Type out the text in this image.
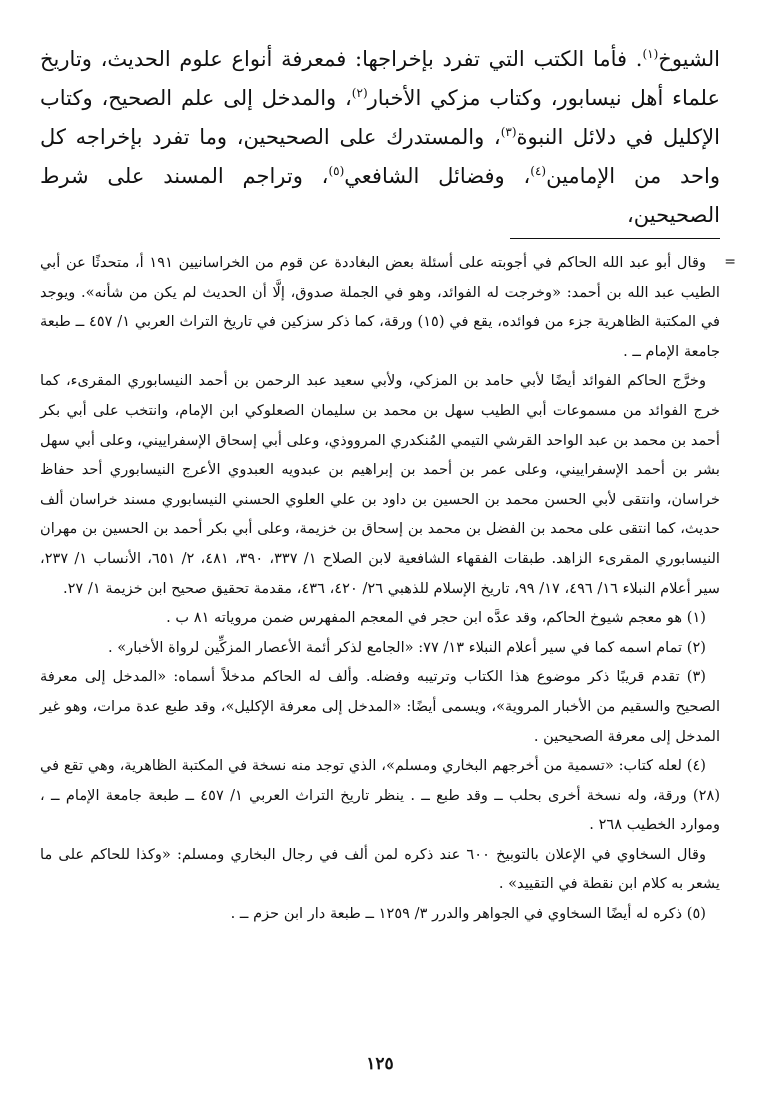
الشيوخ$^{(١)}$. فأما الكتب التي تفرد بإخراجها: فمعرفة أنواع علوم الحديث، وتاريخ علماء أهل نيسابور، وكتاب مزكي الأخبار$^{(٢)}$، والمدخل إلى علم الصحيح، وكتاب الإكليل في دلائل النبوة$^{(٣)}$، والمستدرك على الصحيحين، وما تفرد بإخراجه كل واحد من الإمامين$^{(٤)}$، وفضائل الشافعي$^{(٥)}$، وتراجم المسند على شرط الصحيحين،

=
وقال أبو عبد الله الحاكم في أجوبته على أسئلة بعض البغاددة عن قوم من الخراسانيين ١٩١ أ، متحدثًا عن أبي الطيب عبد الله بن أحمد: «وخرجت له الفوائد، وهو في الجملة صدوق، إلَّا أن الحديث لم يكن من شأنه». ويوجد في المكتبة الظاهرية جزء من فوائده، يقع في (١٥) ورقة، كما ذكر سزكين في تاريخ التراث العربي ١/ ٤٥٧ ــ طبعة جامعة الإمام ــ .

وخرَّج الحاكم الفوائد أيضًا لأبي حامد بن المزكي، ولأبي سعيد عبد الرحمن بن أحمد النيسابوري المقرىء، كما خرج الفوائد من مسموعات أبي الطيب سهل بن محمد بن سليمان الصعلوكي ابن الإمام، وانتخب على أبي بكر أحمد بن محمد بن عبد الواحد القرشي التيمي المُنكدري المرووذي، وعلى أبي إسحاق الإسفراييني، وعلى أبي سهل بشر بن أحمد الإسفراييني، وعلى عمر بن أحمد بن إبراهيم بن عبدويه العبدوي الأعرج النيسابوري أحد حفاظ خراسان، وانتقى لأبي الحسن محمد بن الحسين بن داود بن علي العلوي الحسني النيسابوري مسند خراسان ألف حديث، كما انتقى على محمد بن الفضل بن محمد بن إسحاق بن خزيمة، وعلى أبي بكر أحمد بن الحسين بن مهران النيسابوري المقرىء الزاهد. طبقات الفقهاء الشافعية لابن الصلاح ١/ ٣٣٧، ٣٩٠، ٤٨١، ٢/ ٦٥١، الأنساب ١/ ٢٣٧، سير أعلام النبلاء ١٦/ ٤٩٦، ١٧/ ٩٩، تاريخ الإسلام للذهبي ٢٦/ ٤٢٠، ٤٣٦، مقدمة تحقيق صحيح ابن خزيمة ١/ ٢٧.

(١) هو معجم شيوخ الحاكم، وقد عدَّه ابن حجر في المعجم المفهرس ضمن مروياته ٨١ ب .

(٢) تمام اسمه كما في سير أعلام النبلاء ١٣/ ٧٧: «الجامع لذكر أئمة الأعصار المزكِّين لرواة الأخبار» .

(٣) تقدم قريبًا ذكر موضوع هذا الكتاب وترتيبه وفضله. وألف له الحاكم مدخلاً أسماه: «المدخل إلى معرفة الصحيح والسقيم من الأخبار المروية»، ويسمى أيضًا: «المدخل إلى معرفة الإكليل»، وقد طبع عدة مرات، وهو غير المدخل إلى معرفة الصحيحين .

(٤) لعله كتاب: «تسمية من أخرجهم البخاري ومسلم»، الذي توجد منه نسخة في المكتبة الظاهرية، وهي تقع في (٢٨) ورقة، وله نسخة أخرى بحلب ــ وقد طبع ــ . ينظر تاريخ التراث العربي ١/ ٤٥٧ ــ طبعة جامعة الإمام ــ ، وموارد الخطيب ٢٦٨ .

وقال السخاوي في الإعلان بالتوبيخ ٦٠٠ عند ذكره لمن ألف في رجال البخاري ومسلم: «وكذا للحاكم على ما يشعر به كلام ابن نقطة في التقييد» .

(٥) ذكره له أيضًا السخاوي في الجواهر والدرر ٣/ ١٢٥٩ ــ طبعة دار ابن حزم ــ .

١٢٥
